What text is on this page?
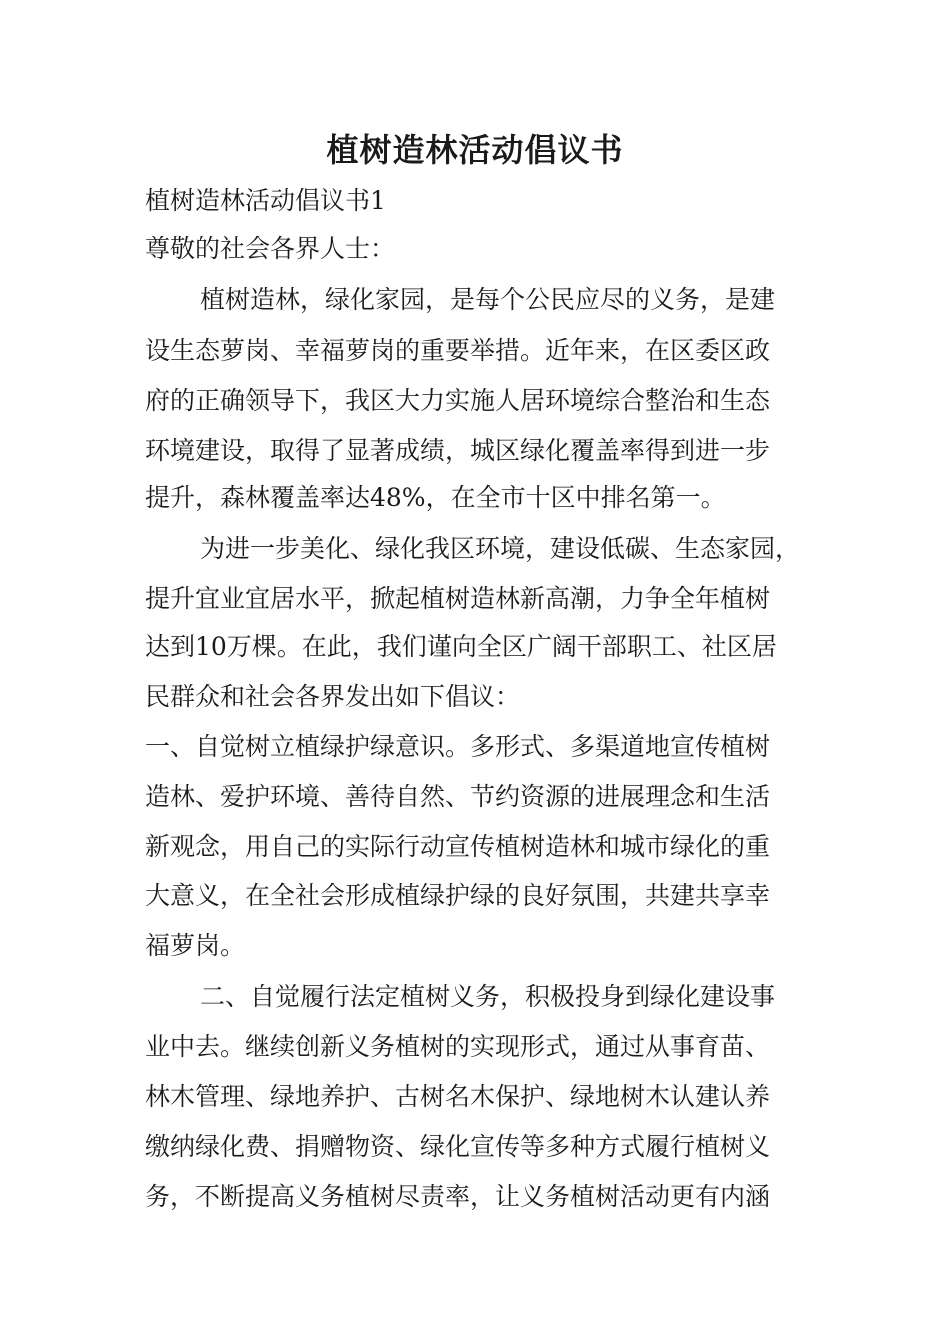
植树造林活动倡议书
植树造林活动倡议书1
尊敬的社会各界人士：
植树造林，绿化家园，是每个公民应尽的义务，是建
设生态萝岗、幸福萝岗的重要举措。近年来，在区委区政
府的正确领导下，我区大力实施人居环境综合整治和生态
环境建设，取得了显著成绩，城区绿化覆盖率得到进一步
提升，森林覆盖率达48%，在全市十区中排名第一。
为进一步美化、绿化我区环境，建设低碳、生态家园，
提升宜业宜居水平，掀起植树造林新高潮，力争全年植树
达到10万棵。在此，我们谨向全区广阔干部职工、社区居
民群众和社会各界发出如下倡议：
一、自觉树立植绿护绿意识。多形式、多渠道地宣传植树
造林、爱护环境、善待自然、节约资源的进展理念和生活
新观念，用自己的实际行动宣传植树造林和城市绿化的重
大意义，在全社会形成植绿护绿的良好氛围，共建共享幸
福萝岗。
二、自觉履行法定植树义务，积极投身到绿化建设事
业中去。继续创新义务植树的实现形式，通过从事育苗、
林木管理、绿地养护、古树名木保护、绿地树木认建认养
缴纳绿化费、捐赠物资、绿化宣传等多种方式履行植树义
务，不断提高义务植树尽责率，让义务植树活动更有内涵
